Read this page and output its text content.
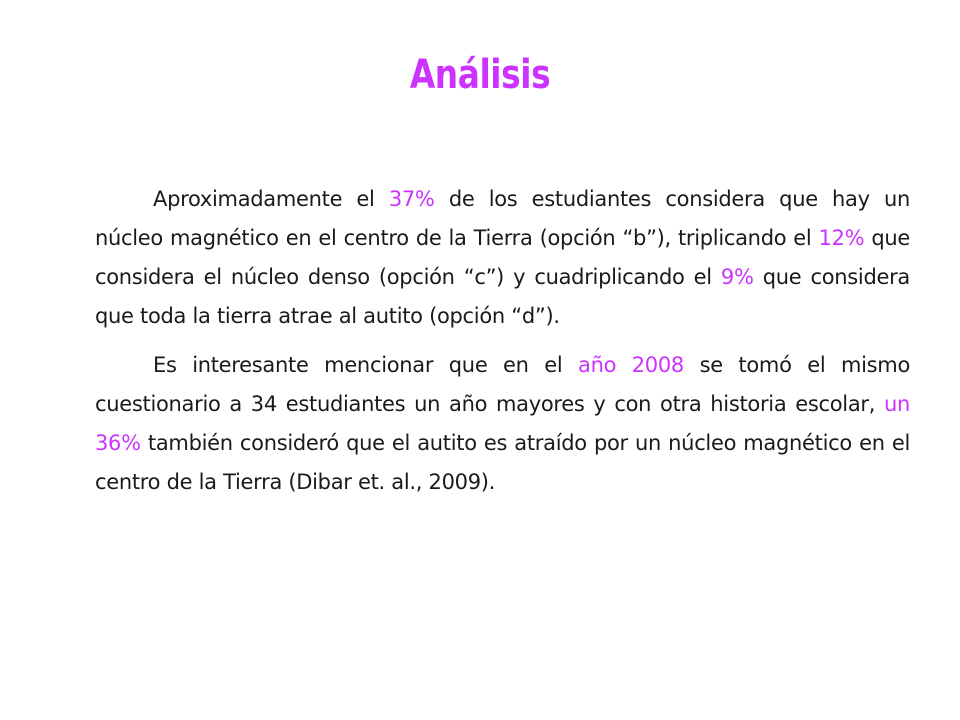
Análisis

Aproximadamente el 37% de los estudiantes considera que hay un núcleo magnético en el centro de la Tierra (opción “b”), triplicando el 12% que considera el núcleo denso (opción “c”) y cuadriplicando el 9% que considera que toda la tierra atrae al autito (opción “d”).

Es interesante mencionar que en el año 2008 se tomó el mismo cuestionario a 34 estudiantes un año mayores y con otra historia escolar, un 36% también consideró que el autito es atraído por un núcleo magnético en el centro de la Tierra (Dibar et. al., 2009).
